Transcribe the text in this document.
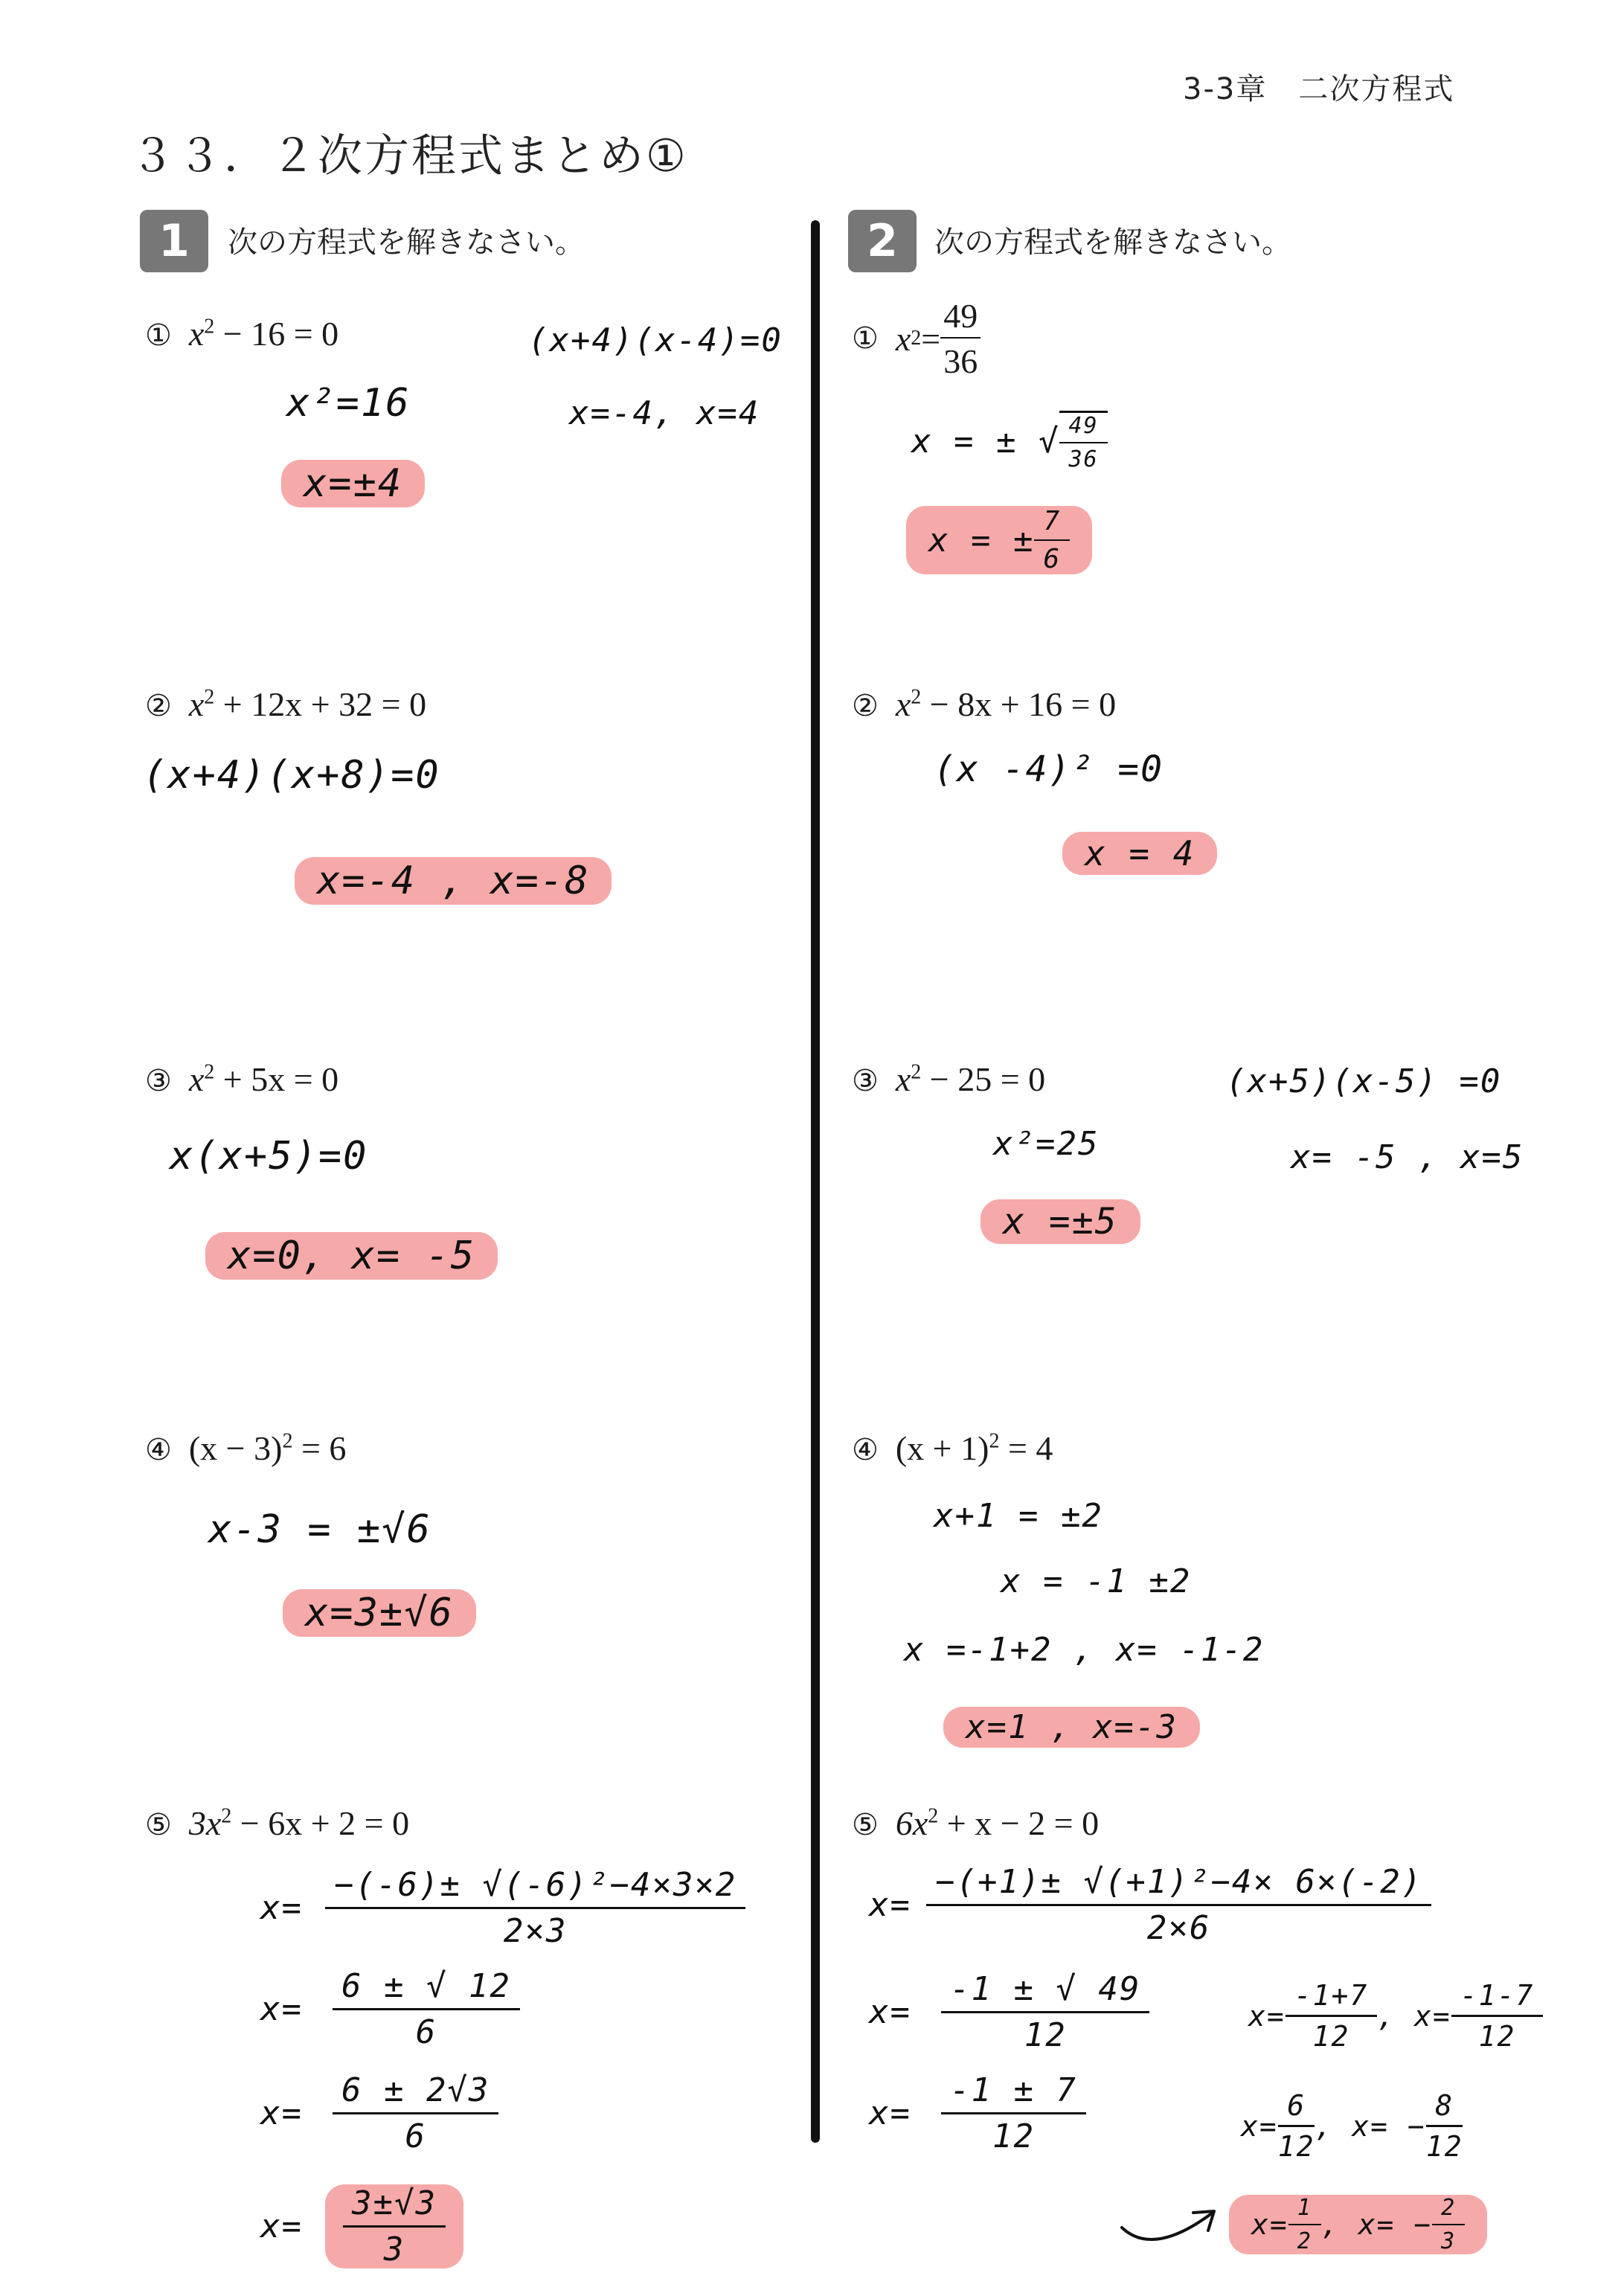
3-3章　二次方程式
３３．２次方程式まとめ①
1	次の方程式を解きなさい。
① $x^2 - 16 = 0$	(x+4)(x-4)=0
x=-4, x=4
x²=16
x=±4
② $x^2 + 12x + 32 = 0$
(x+4)(x+8)=0
x=-4 , x=-8
③ $x^2 + 5x = 0$
x(x+5)=0
x=0, x= -5
④ $(x - 3)^2 = 6$
x-3 = ±√6
x=3±√6
⑤ $3x^2 - 6x + 2 = 0$
$x= \frac{\text{−(-6)± √(-6)²−4×3×2}}{2\times 3}$
$x= \frac{6 \pm √ 12}{6}$
$x= \frac{6 \pm 2√3}{6}$
$x= \frac{3\pm√3}{3}$
2	次の方程式を解きなさい。
①
x $2 = \frac{49}{36}$
x = ± √ $\frac{49}{36}$
x = ± $\frac{7}{6}$
② $x^2 - 8x + 16 = 0$
(x -4)² =0
x = 4
③ $x^2 - 25 = 0$
x²=25
(x+5)(x-5) =0
x= -5 , x=5
x =±5
④ $(x + 1)^2 = 4$
x+1 = ±2
x = -1 ±2
x =-1+2 , x= -1-2
x=1 , x=-3
⑤ $6x^2 + x - 2 = 0$
$x= \frac{\text{−(+1)± √(+1)²−4× 6×(-2)}}{2\times 6}$
$x= \frac{-1 \pm √ 49}{12}$
$x= \frac{-1 \pm 7}{12}$
$x= \frac{-1+7}{12}$ , $x= \frac{-1-7}{12}$
$x= \frac{6}{12}$ , $x= - \frac{8}{12}$
$x= \frac{1}{2}$ , $x= - \frac{2}{3}$
